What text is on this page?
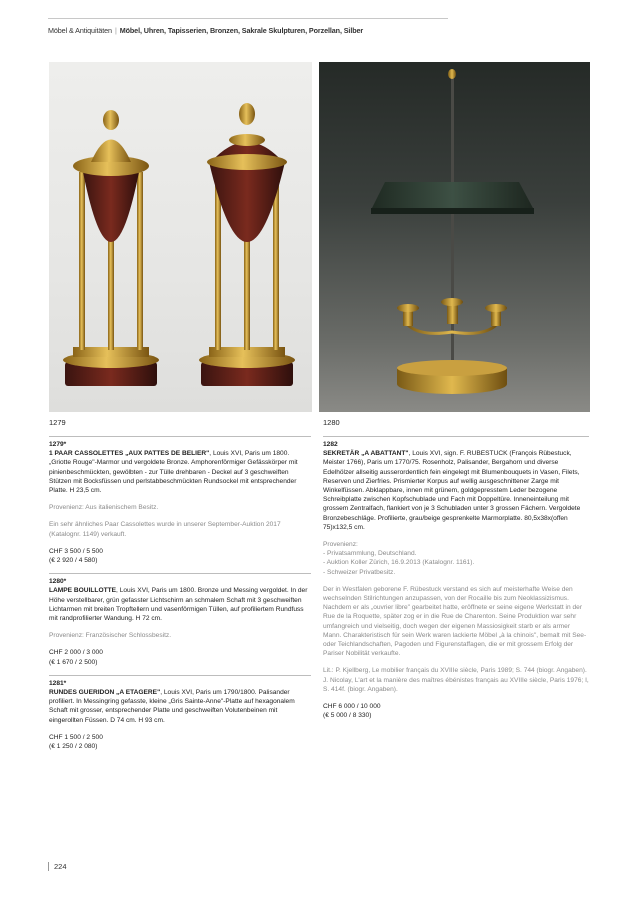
Möbel & Antiquitäten | Möbel, Uhren, Tapisserien, Bronzen, Sakrale Skulpturen, Porzellan, Silber
1279	1280
1279*
1 PAAR CASSOLETTES „AUX PATTES DE BELIER", Louis XVI, Paris um 1800. „Griotte Rouge"-Marmor und vergoldete Bronze. Amphorenförmiger Gefässkörper mit pinienbeschmückten, gewölbten - zur Tülle drehbaren - Deckel auf 3 geschweiften Stützen mit Bocksfüssen und perlstabbeschmückten Rundsockel mit entsprechender Platte. H 23,5 cm.
Provenienz: Aus italienischem Besitz.
Ein sehr ähnliches Paar Cassolettes wurde in unserer September-Auktion 2017 (Katalognr. 1149) verkauft.
CHF 3 500 / 5 500
(€ 2 920 / 4 580)
1280*
LAMPE BOUILLOTTE, Louis XVI, Paris um 1800. Bronze und Messing vergoldet. In der Höhe verstellbarer, grün gefasster Lichtschirm an schmalem Schaft mit 3 geschweiften Lichtarmen mit breiten Tropftellern und vasenförmigen Tüllen, auf profiliertem Rundfuss mit randprofilierter Wandung. H 72 cm.
Provenienz: Französischer Schlossbesitz.
CHF 2 000 / 3 000
(€ 1 670 / 2 500)
1281*
RUNDES GUERIDON „A ETAGERE", Louis XVI, Paris um 1790/1800. Palisander profiliert. In Messingring gefasste, kleine „Gris Sainte-Anne"-Platte auf hexagonalem Schaft mit grosser, entsprechender Platte und geschweiften Volutenbeinen mit eingerollten Füssen. D 74 cm. H 93 cm.
CHF 1 500 / 2 500
(€ 1 250 / 2 080)
1282
SEKRETÄR „A ABATTANT", Louis XVI, sign. F. RUBESTUCK (François Rübestuck, Meister 1766), Paris um 1770/75. Rosenholz, Palisander, Bergahorn und diverse Edelhölzer allseitig ausserordentlich fein eingelegt mit Blumenbouquets in Vasen, Filets, Reserven und Zierfries. Prismierter Korpus auf wellig ausgeschnittener Zarge mit Winkelfüssen. Abklappbare, innen mit grünem, goldgepresstem Leder bezogene Schreibplatte zwischen Kopfschublade und Fach mit Doppeltüre. Inneneinteilung mit grossem Zentralfach, flankiert von je 3 Schubladen unter 3 grossen Fächern. Vergoldete Bronzebeschläge. Profilierte, grau/beige gesprenkelte Marmorplatte. 80,5x38x(offen 75)x132,5 cm.
Provenienz:
- Privatsammlung, Deutschland.
- Auktion Koller Zürich, 16.9.2013 (Katalognr. 1161).
- Schweizer Privatbesitz.
Der in Westfalen geborene F. Rübestuck verstand es sich auf meisterhafte Weise den wechselnden Stilrichtungen anzupassen, von der Rocaille bis zum Neoklassizismus. Nachdem er als „ouvrier libre" gearbeitet hatte, eröffnete er seine eigene Werkstatt in der Rue de la Roquette, später zog er in die Rue de Charenton. Seine Produktion war sehr umfangreich und vielseitig, doch wegen der eigenen Massiosigkeit starb er als armer Mann. Charakteristisch für sein Werk waren lackierte Möbel „à la chinois", bemalt mit See- oder Teichlandschaften, Pagoden und Figurenstaffagen, die er mit grossem Erfolg der Pariser Nobilität verkaufte.
Lit.: P. Kjellberg, Le mobilier français du XVIIIe siècle, Paris 1989; S. 744 (biogr. Angaben). J. Nicolay, L'art et la manière des maîtres ébénistes français au XVIIIe siècle, Paris 1976; I, S. 414f. (biogr. Angaben).
CHF 6 000 / 10 000
(€ 5 000 / 8 330)
224
